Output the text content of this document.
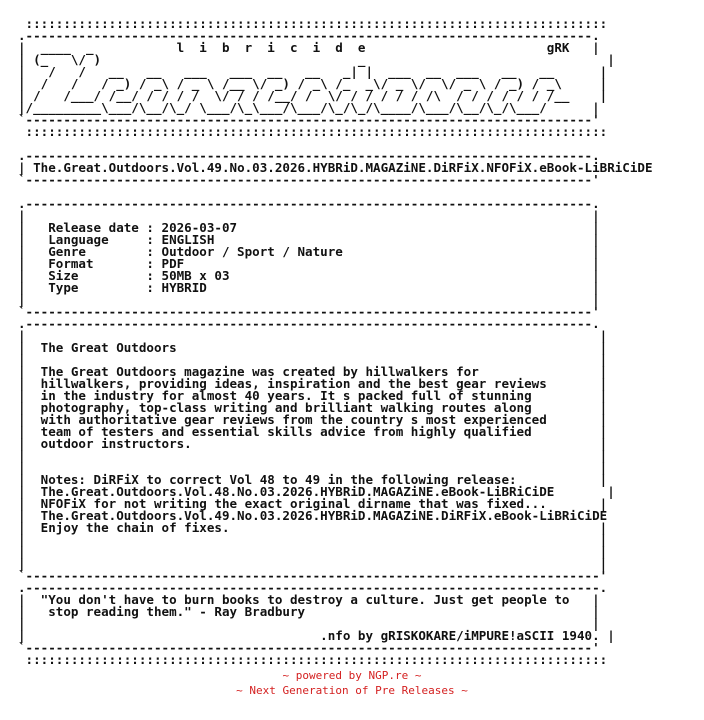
:::::::::::::::::::::::::::::::::::::::::::::::::::::::::::::::::::::::::::::
.---------------------------------------------------------------------------.
|  ____  _           l  i  b  r  i  c  i  d  e                        gRK   |
| (_   \/ )                                  _                                |
|   /   /   __   __   ___   ___  __   __   _| |  ___  __  ___   __   __      |
|  /   /   / _) / _\ / _ \ /__ \/ _) / _\ /_  _\/ _ \/  \/ _ \ / _) / _\     |
| /   /___/ /__/ / / / /  \/ / / /__/ /  \/ / / / / / /\  / / / / / / /__    |
|/_________\___/\__/\_/ \___/\_\___/\___/\_/\_/\____/\___/\__/\_/\___/      |
`---------------------------------------------------------------------------'
:::::::::::::::::::::::::::::::::::::::::::::::::::::::::::::::::::::::::::::

.---------------------------------------------------------------------------.
| The.Great.Outdoors.Vol.49.No.03.2026.HYBRiD.MAGAZiNE.DiRFiX.NFOFiX.eBook-LiBRiCiDE
`---------------------------------------------------------------------------'

.---------------------------------------------------------------------------.
|                                                                           |
|   Release date : 2026-03-07                                               |
|   Language     : ENGLISH                                                  |
|   Genre        : Outdoor / Sport / Nature                                 |
|   Format       : PDF                                                      |
|   Size         : 50MB x 03                                                |
|   Type         : HYBRID                                                   |
|                                                                           |
`---------------------------------------------------------------------------'
.---------------------------------------------------------------------------.
|                                                                            |
|  The Great Outdoors                                                        |
|                                                                            |
|  The Great Outdoors magazine was created by hillwalkers for                |
|  hillwalkers, providing ideas, inspiration and the best gear reviews       |
|  in the industry for almost 40 years. It s packed full of stunning         |
|  photography, top-class writing and brilliant walking routes along         |
|  with authoritative gear reviews from the country s most experienced       |
|  team of testers and essential skills advice from highly qualified         |
|  outdoor instructors.                                                      |
|                                                                            |
|                                                                            |
|  Notes: DiRFiX to correct Vol 48 to 49 in the following release:           |
|  The.Great.Outdoors.Vol.48.No.03.2026.HYBRiD.MAGAZiNE.eBook-LiBRiCiDE       |
|  NFOFiX for not writing the exact original dirname that was fixed...       |
|  The.Great.Outdoors.Vol.49.No.03.2026.HYBRiD.MAGAZiNE.DiRFiX.eBook-LiBRiCiDE
|  Enjoy the chain of fixes.                                                 |
|                                                                            |
|                                                                            |
|                                                                            |
`----------------------------------------------------------------------------'
.----------------------------------------------------------------------------.
|  "You don't have to burn books to destroy a culture. Just get people to   |
|   stop reading them." - Ray Bradbury                                      |
|                                                                           |
|                                       .nfo by gRISKOKARE/iMPURE!aSCII 1940. |
`---------------------------------------------------------------------------'
:::::::::::::::::::::::::::::::::::::::::::::::::::::::::::::::::::::::::::::
~ powered by NGP.re ~
~ Next Generation of Pre Releases ~
